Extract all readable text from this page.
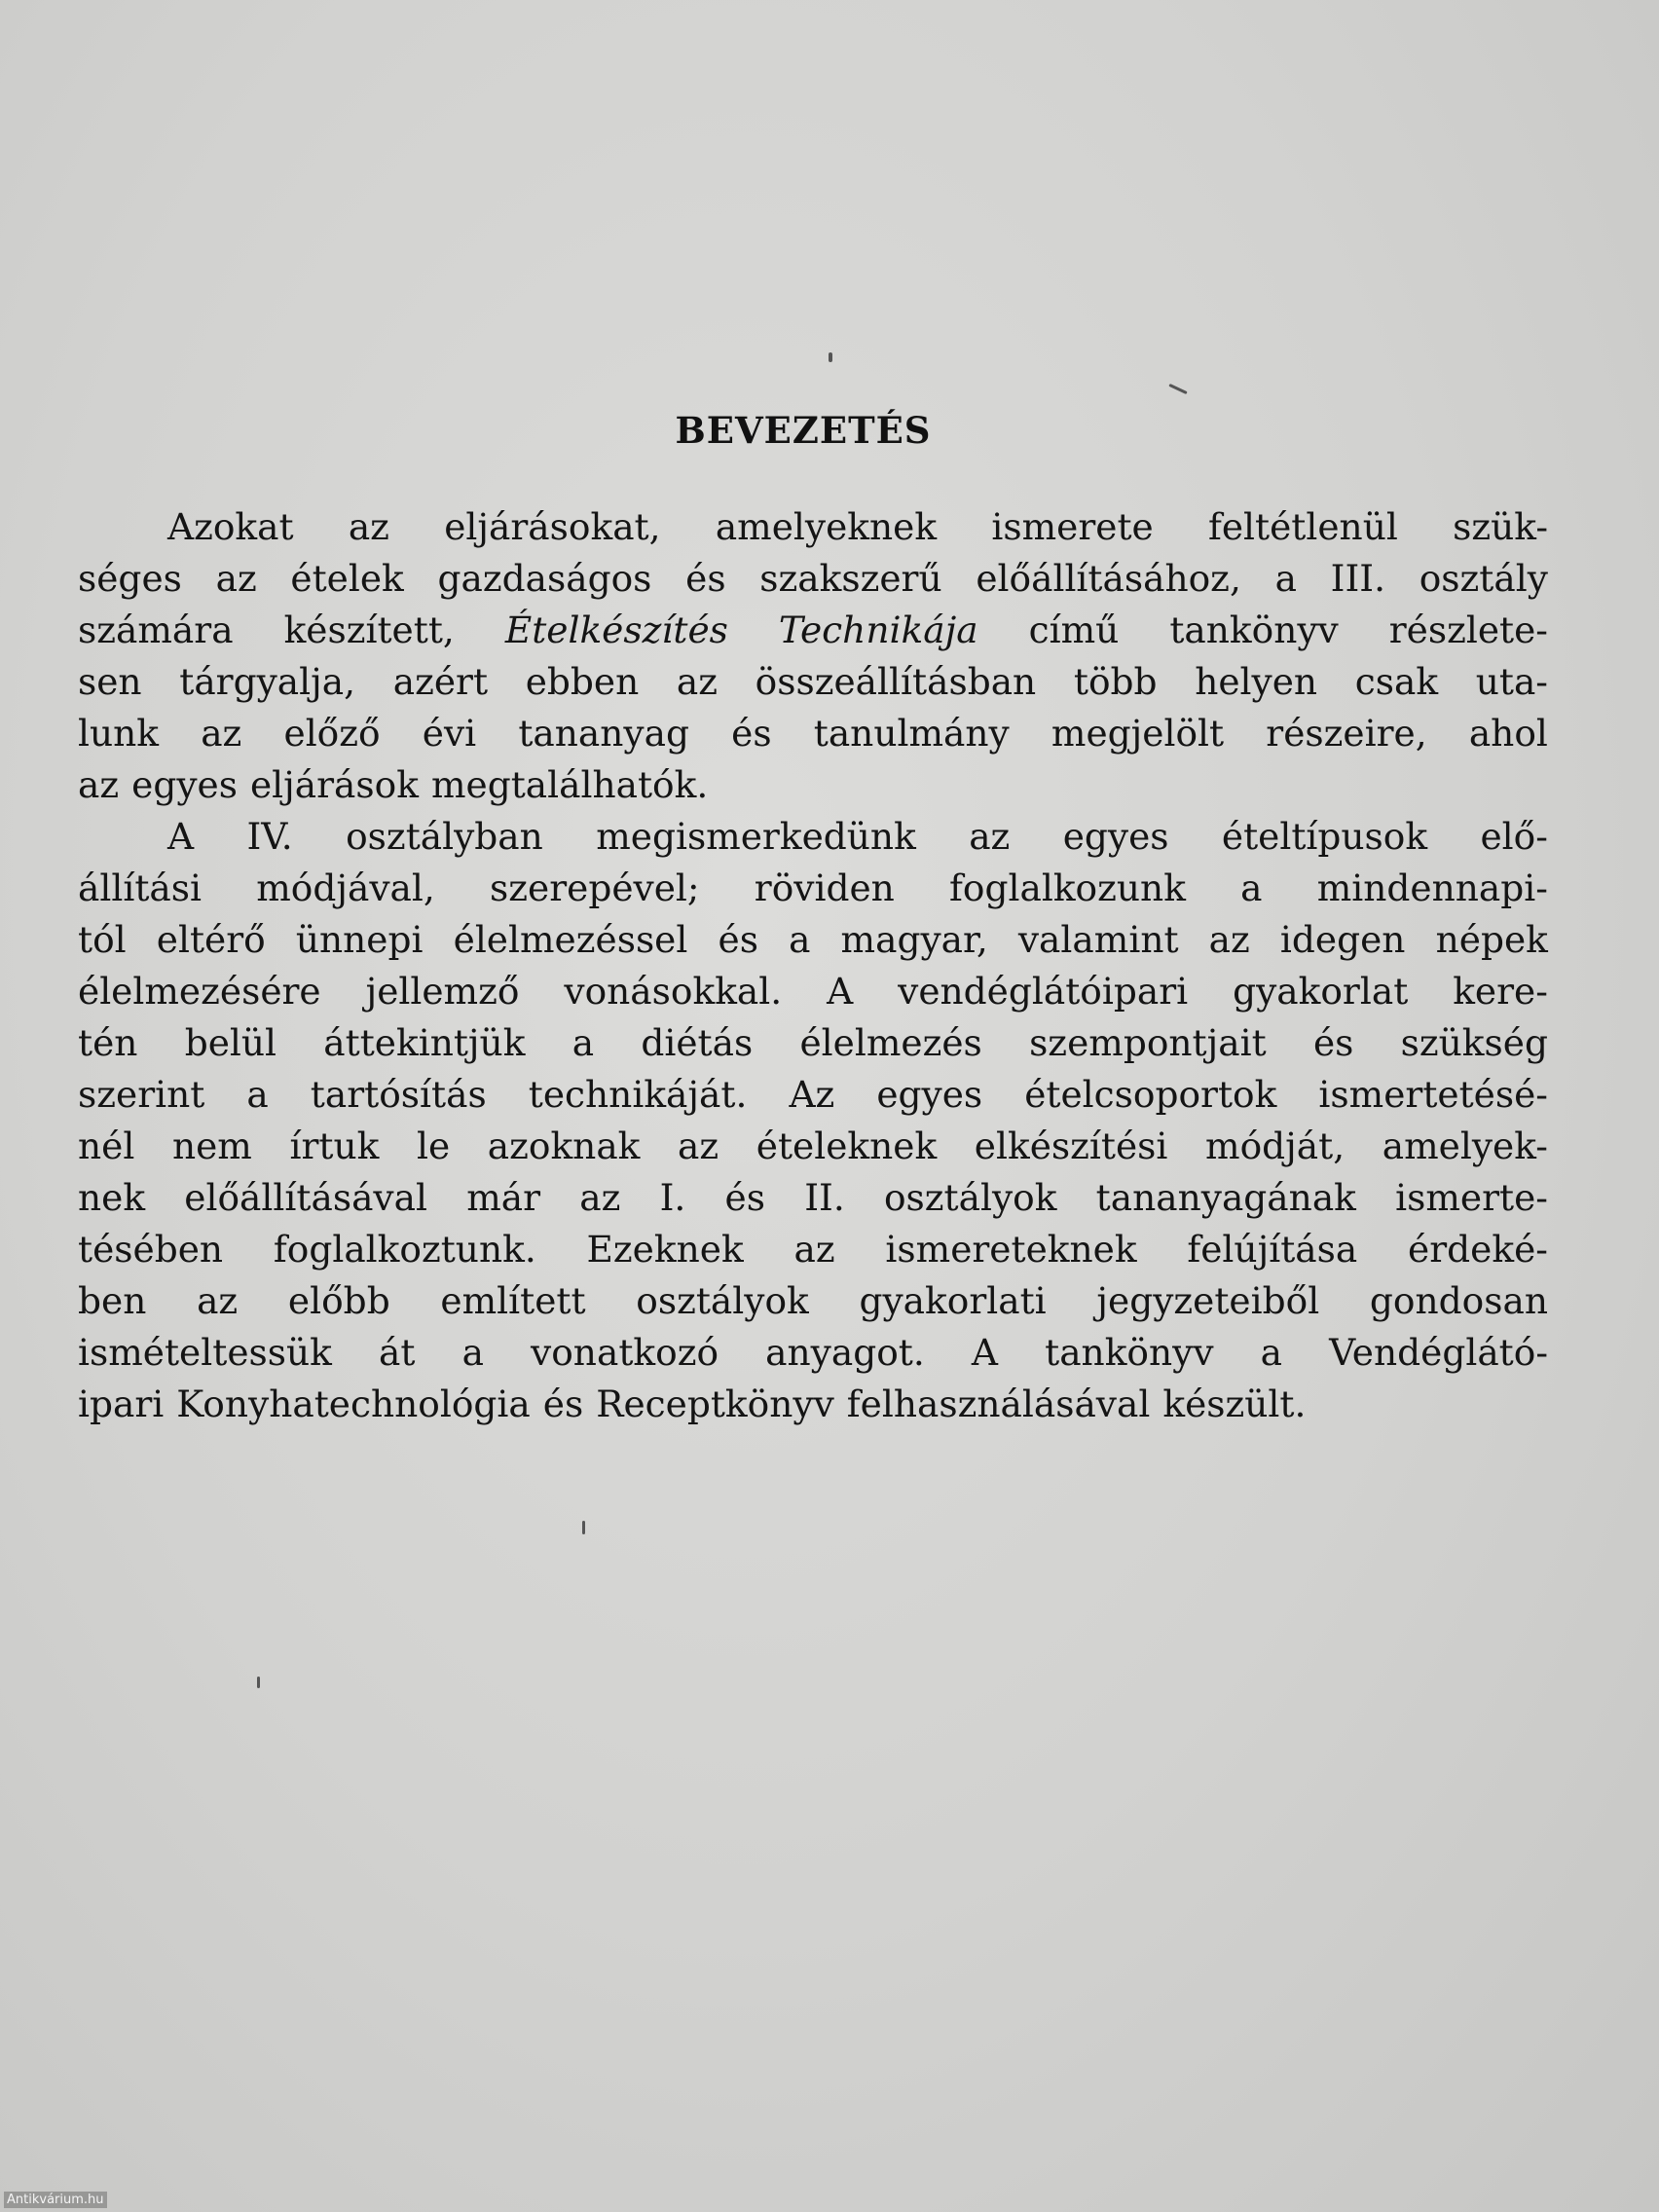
BEVEZETÉS
Azokat az eljárásokat, amelyeknek ismerete feltétlenül szük-
séges az ételek gazdaságos és szakszerű előállításához, a III. osztály
számára készített, Ételkészítés Technikája című tankönyv részlete-
sen tárgyalja, azért ebben az összeállításban több helyen csak uta-
lunk az előző évi tananyag és tanulmány megjelölt részeire, ahol
az egyes eljárások megtalálhatók.
A IV. osztályban megismerkedünk az egyes ételtípusok elő-
állítási módjával, szerepével; röviden foglalkozunk a mindennapi-
tól eltérő ünnepi élelmezéssel és a magyar, valamint az idegen népek
élelmezésére jellemző vonásokkal. A vendéglátóipari gyakorlat kere-
tén belül áttekintjük a diétás élelmezés szempontjait és szükség
szerint a tartósítás technikáját. Az egyes ételcsoportok ismertetésé-
nél nem írtuk le azoknak az ételeknek elkészítési módját, amelyek-
nek előállításával már az I. és II. osztályok tananyagának ismerte-
tésében foglalkoztunk. Ezeknek az ismereteknek felújítása érdeké-
ben az előbb említett osztályok gyakorlati jegyzeteiből gondosan
ismételtessük át a vonatkozó anyagot. A tankönyv a Vendéglátó-
ipari Konyhatechnológia és Receptkönyv felhasználásával készült.
Antikvárium.hu
